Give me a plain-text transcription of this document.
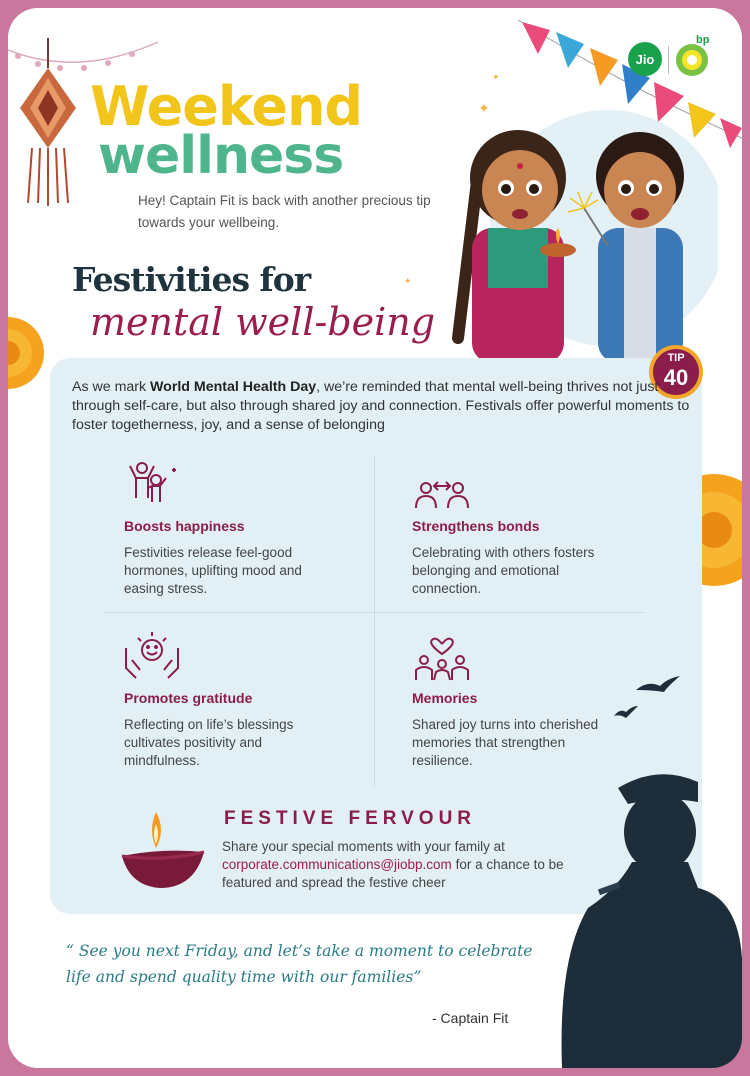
Jio
bp
Weekend
wellness
Hey! Captain Fit is back with another precious tip towards your wellbeing.
✦
✦
✦
Festivities for
mental well-being
TIP
40
As we mark World Mental Health Day, we’re reminded that mental well-being thrives not just through self-care, but also through shared joy and connection. Festivals offer powerful moments to foster togetherness, joy, and a sense of belonging
Boosts happiness
Festivities release feel-good hormones, uplifting mood and easing stress.
Strengthens bonds
Celebrating with others fosters belonging and emotional connection.
Promotes gratitude
Reflecting on life’s blessings cultivates positivity and mindfulness.
Memories
Shared joy turns into cherished memories that strengthen resilience.
FESTIVE FERVOUR
Share your special moments with your family at
corporate.communications@jiobp.com for a chance to be featured and spread the festive cheer
“ See you next Friday, and let’s take a moment to celebrate life and spend quality time with our families”
- Captain Fit
